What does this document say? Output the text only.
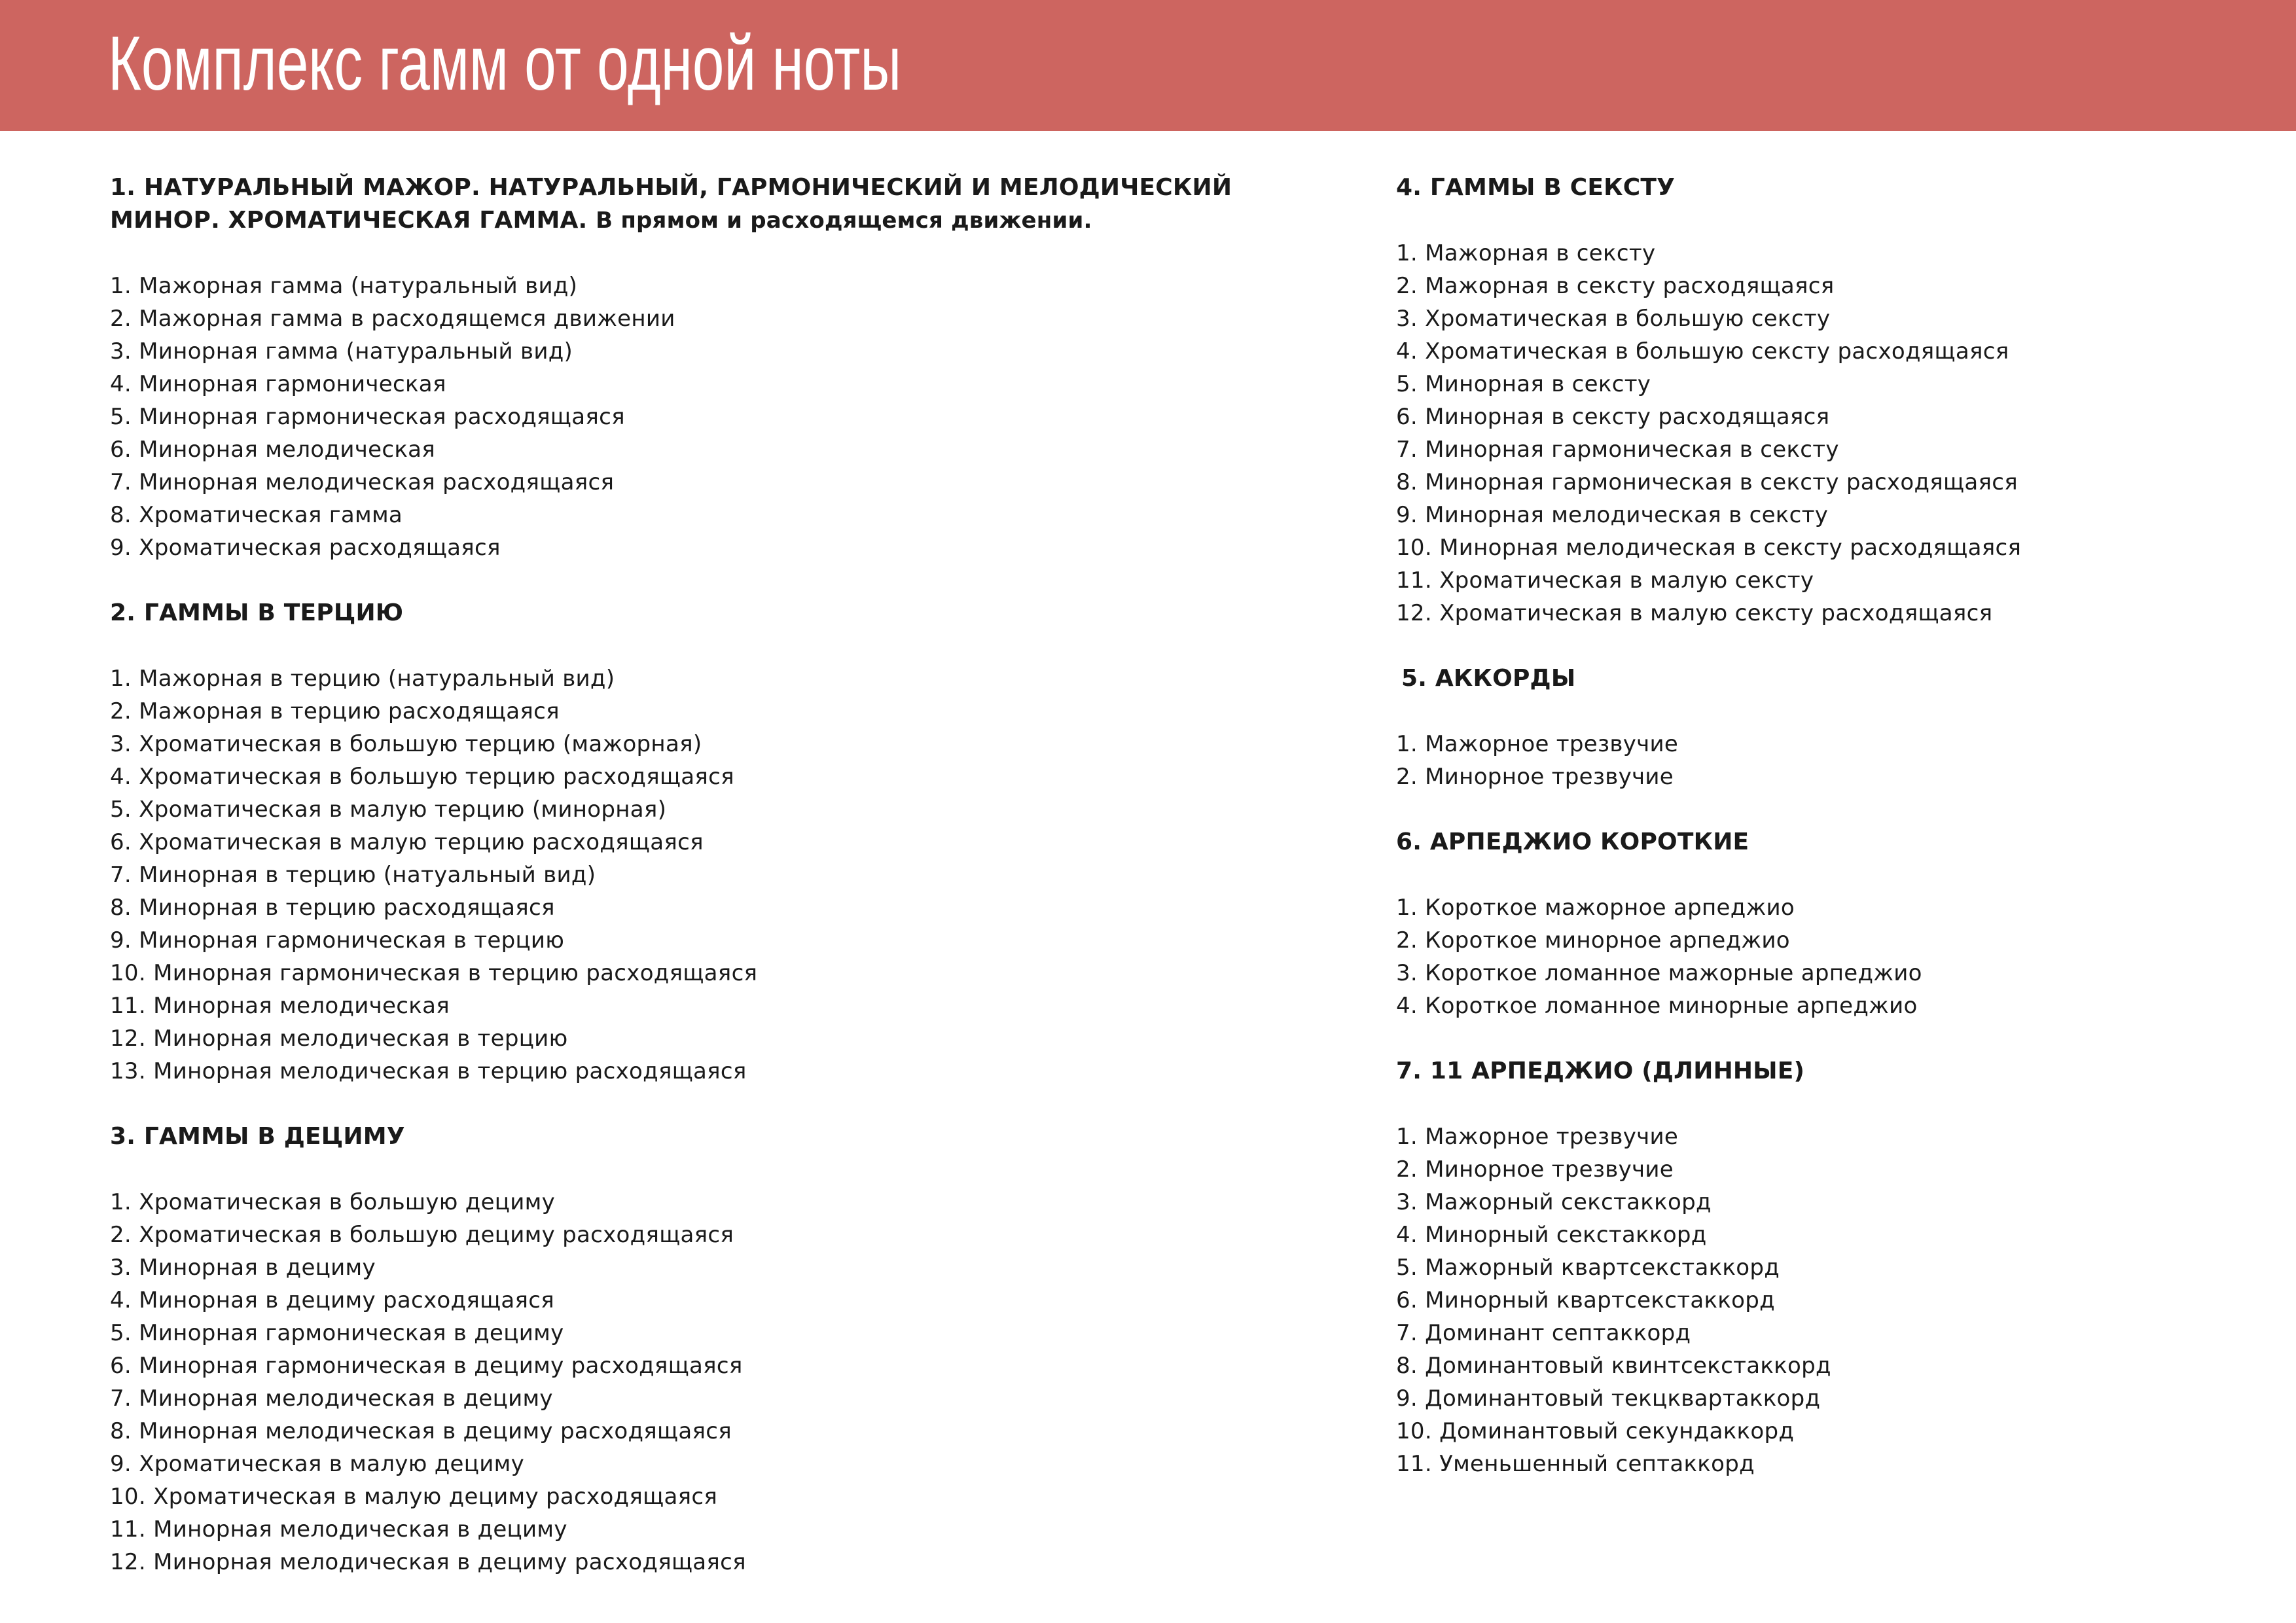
Комплекс гамм от одной ноты
1. НАТУРАЛЬНЫЙ МАЖОР. НАТУРАЛЬНЫЙ, ГАРМОНИЧЕСКИЙ И МЕЛОДИЧЕСКИЙ
МИНОР. ХРОМАТИЧЕСКАЯ ГАММА. В прямом и расходящемся движении.
1. Мажорная гамма (натуральный вид)
2. Мажорная гамма в расходящемся движении
3. Минорная гамма (натуральный вид)
4. Минорная гармоническая
5. Минорная гармоническая расходящаяся
6. Минорная мелодическая
7. Минорная мелодическая расходящаяся
8. Хроматическая гамма
9. Хроматическая расходящаяся
2. ГАММЫ В ТЕРЦИЮ
1. Мажорная в терцию (натуральный вид)
2. Мажорная в терцию расходящаяся
3. Хроматическая в большую терцию (мажорная)
4. Хроматическая в большую терцию расходящаяся
5. Хроматическая в малую терцию (минорная)
6. Хроматическая в малую терцию расходящаяся
7. Минорная в терцию (натуальный вид)
8. Минорная в терцию расходящаяся
9. Минорная гармоническая в терцию
10. Минорная гармоническая в терцию расходящаяся
11. Минорная мелодическая
12. Минорная мелодическая в терцию
13. Минорная мелодическая в терцию расходящаяся
3. ГАММЫ В ДЕЦИМУ
1. Хроматическая в большую дециму
2. Хроматическая в большую дециму расходящаяся
3. Минорная в дециму
4. Минорная в дециму расходящаяся
5. Минорная гармоническая в дециму
6. Минорная гармоническая в дециму расходящаяся
7. Минорная мелодическая в дециму
8. Минорная мелодическая в дециму расходящаяся
9. Хроматическая в малую дециму
10. Хроматическая в малую дециму расходящаяся
11. Минорная мелодическая в дециму
12. Минорная мелодическая в дециму расходящаяся
4. ГАММЫ В СЕКСТУ
1. Мажорная в сексту
2. Мажорная в сексту расходящаяся
3. Хроматическая в большую сексту
4. Хроматическая в большую сексту расходящаяся
5. Минорная в сексту
6. Минорная в сексту расходящаяся
7. Минорная гармоническая в сексту
8. Минорная гармоническая в сексту расходящаяся
9. Минорная мелодическая в сексту
10. Минорная мелодическая в сексту расходящаяся
11. Хроматическая в малую сексту
12. Хроматическая в малую сексту расходящаяся
5. АККОРДЫ
1. Мажорное трезвучие
2. Минорное трезвучие
6. АРПЕДЖИО КОРОТКИЕ
1. Короткое мажорное арпеджио
2. Короткое минорное арпеджио
3. Короткое ломанное мажорные арпеджио
4. Короткое ломанное минорные арпеджио
7. 11 АРПЕДЖИО (ДЛИННЫЕ)
1. Мажорное трезвучие
2. Минорное трезвучие
3. Мажорный секстаккорд
4. Минорный секстаккорд
5. Мажорный квартсекстаккорд
6. Минорный квартсекстаккорд
7. Доминант септаккорд
8. Доминантовый квинтсекстаккорд
9. Доминантовый текцквартаккорд
10. Доминантовый секундаккорд
11. Уменьшенный септаккорд
